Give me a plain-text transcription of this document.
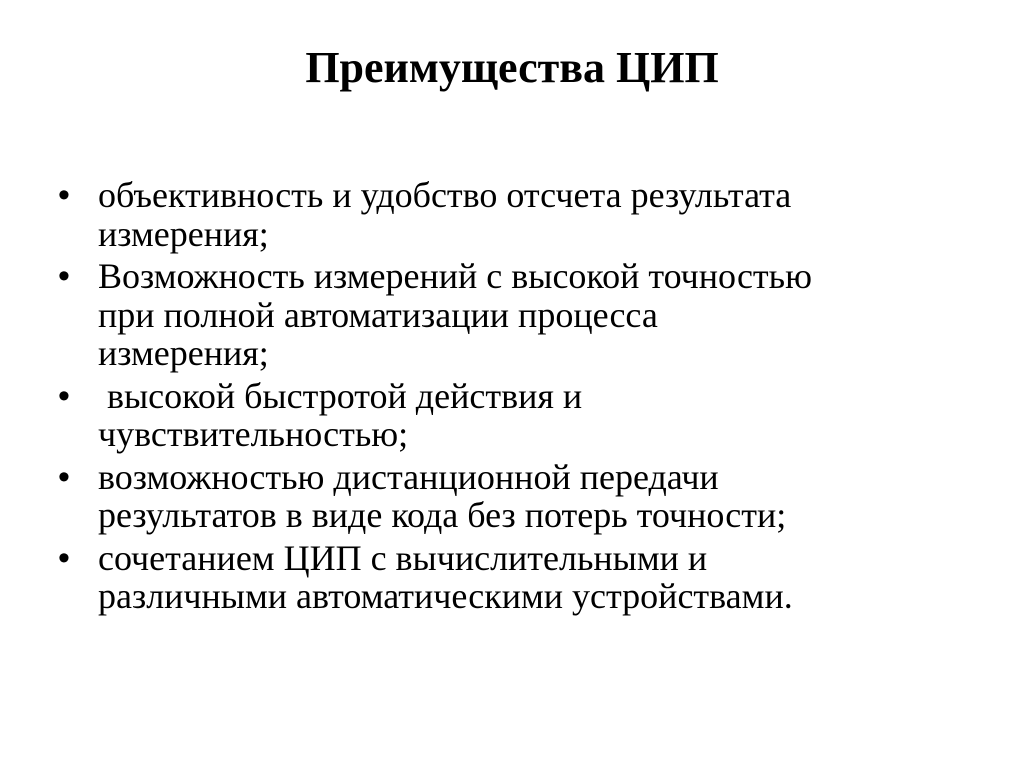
Преимущества ЦИП
• объективность и удобство отсчета результата
измерения;
• Возможность измерений с высокой точностью
при полной автоматизации процесса
измерения;
•	высокой быстротой действия и
чувствительностью;
• возможностью дистанционной передачи
результатов в виде кода без потерь точности;
• сочетанием ЦИП с вычислительными и
различными автоматическими устройствами.
